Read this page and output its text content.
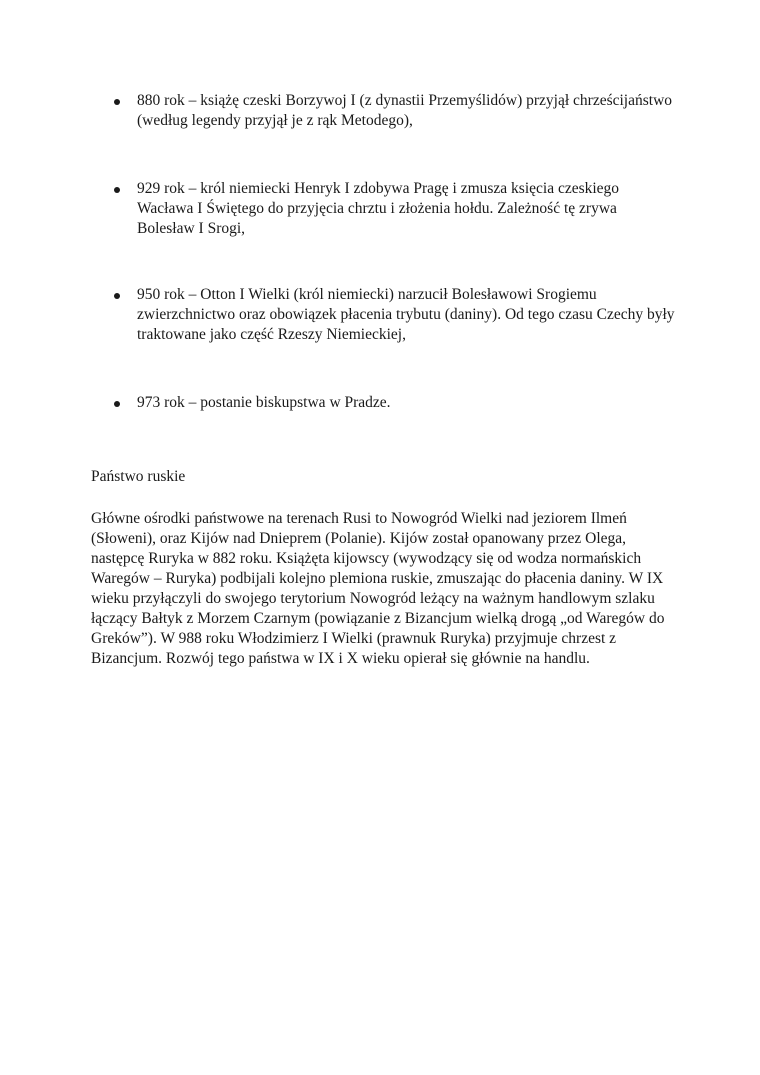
880 rok – książę czeski Borzywoj I (z dynastii Przemyślidów) przyjął chrześcijaństwo
(według legendy przyjął je z rąk Metodego),
929 rok – król niemiecki Henryk I zdobywa Pragę i zmusza księcia czeskiego
Wacława I Świętego do przyjęcia chrztu i złożenia hołdu. Zależność tę zrywa
Bolesław I Srogi,
950 rok – Otton I Wielki (król niemiecki) narzucił Bolesławowi Srogiemu
zwierzchnictwo oraz obowiązek płacenia trybutu (daniny). Od tego czasu Czechy były
traktowane jako część Rzeszy Niemieckiej,
973 rok – postanie biskupstwa w Pradze.
Państwo ruskie

Główne ośrodki państwowe na terenach Rusi to Nowogród Wielki nad jeziorem Ilmeń
(Słoweni), oraz Kijów nad Dnieprem (Polanie). Kijów został opanowany przez Olega,
następcę Ruryka w 882 roku. Książęta kijowscy (wywodzący się od wodza normańskich
Waregów – Ruryka) podbijali kolejno plemiona ruskie, zmuszając do płacenia daniny. W IX
wieku przyłączyli do swojego terytorium Nowogród leżący na ważnym handlowym szlaku
łączący Bałtyk z Morzem Czarnym (powiązanie z Bizancjum wielką drogą „od Waregów do
Greków”). W 988 roku Włodzimierz I Wielki (prawnuk Ruryka) przyjmuje chrzest z
Bizancjum. Rozwój tego państwa w IX i X wieku opierał się głównie na handlu.
